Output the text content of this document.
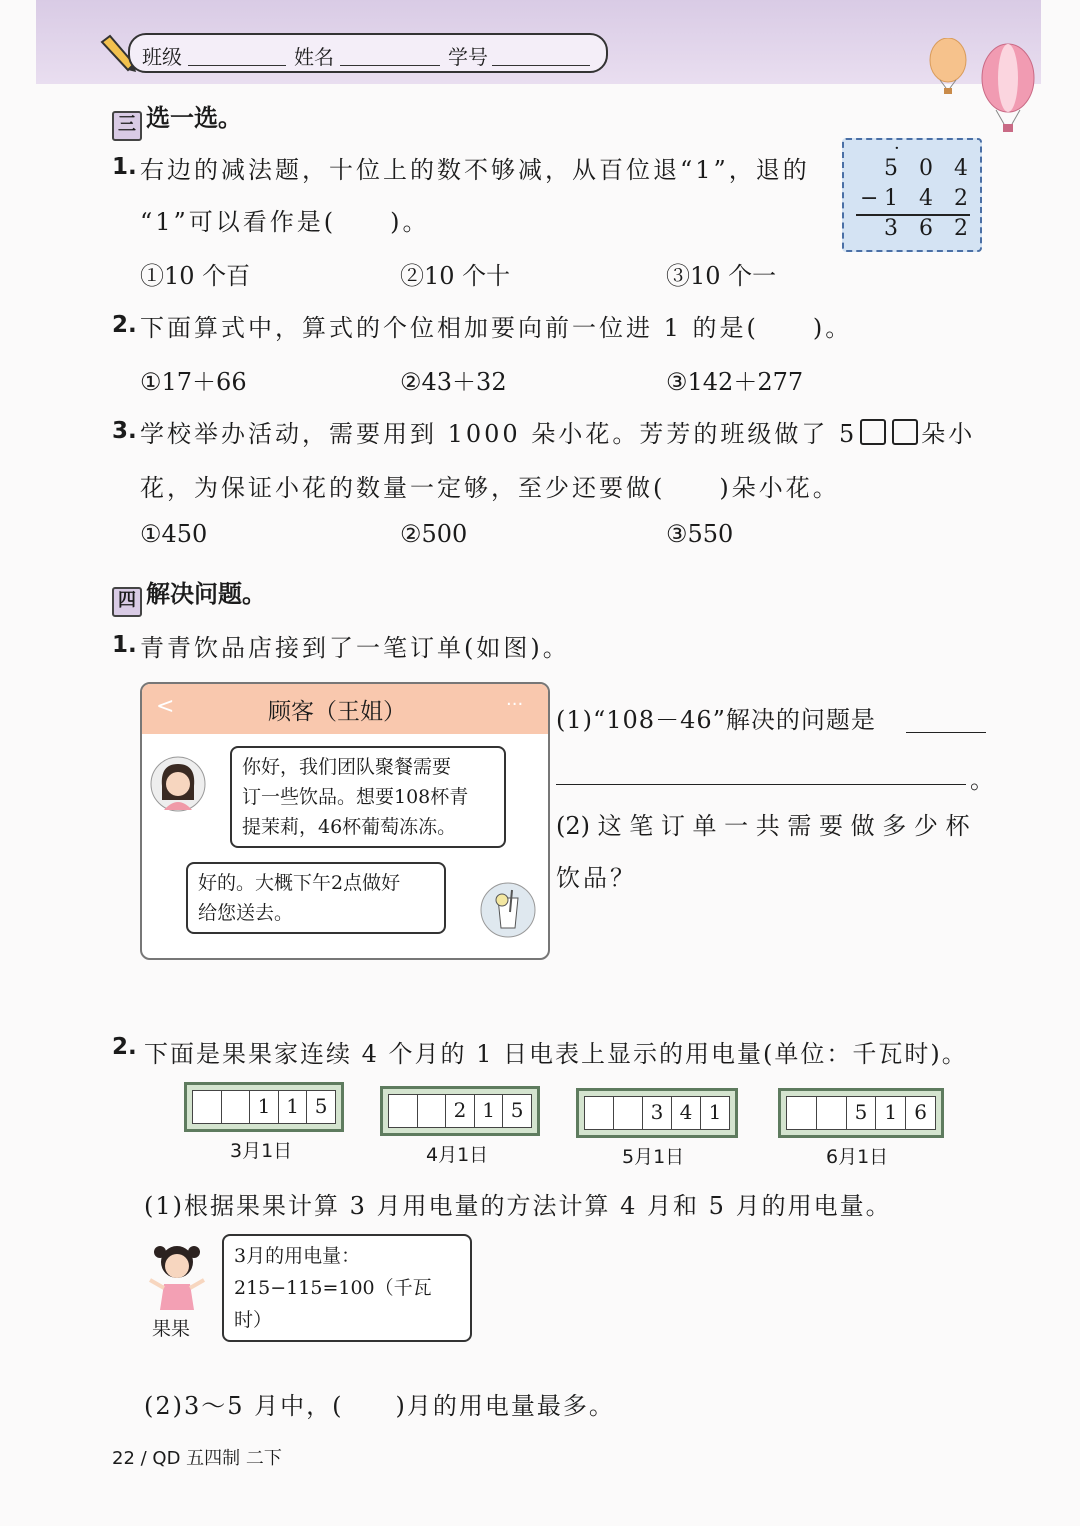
班级	姓名	学号
三 选一选。
1. 右边的减法题，十位上的数不够减，从百位退“1”，退的
“1”可以看作是(　　)。
·
5 0 4
− 1 4 2
3 6 2
①10 个百	②10 个十	③10 个一
2. 下面算式中，算式的个位相加要向前一位进 1 的是(　　)。
①17＋66	②43＋32	③142＋277
3. 学校举办活动，需要用到 1000 朵小花。芳芳的班级做了 5	朵小
花，为保证小花的数量一定够，至少还要做(　　)朵小花。
①450	②500	③550
四 解决问题。
1. 青青饮品店接到了一笔订单(如图)。
<	顾客（王姐）	···
你好，我们团队聚餐需要
订一些饮品。想要108杯青
提茉莉，46杯葡萄冻冻。
好的。大概下午2点做好
给您送去。
(1)“108－46”解决的问题是
。
(2) 这 笔 订 单 一 共 需 要 做 多 少 杯
饮品？
2. 下面是果果家连续 4 个月的 1 日电表上显示的用电量(单位：千瓦时)。
1 1 5
3月1日
2 1 5
4月1日
3 4 1
5月1日
5 1 6
6月1日
(1)根据果果计算 3 月用电量的方法计算 4 月和 5 月的用电量。
果果
3月的用电量：
215−115=100（千瓦时）
(2)3～5 月中，(　　)月的用电量最多。
22 / QD 五四制 二下
